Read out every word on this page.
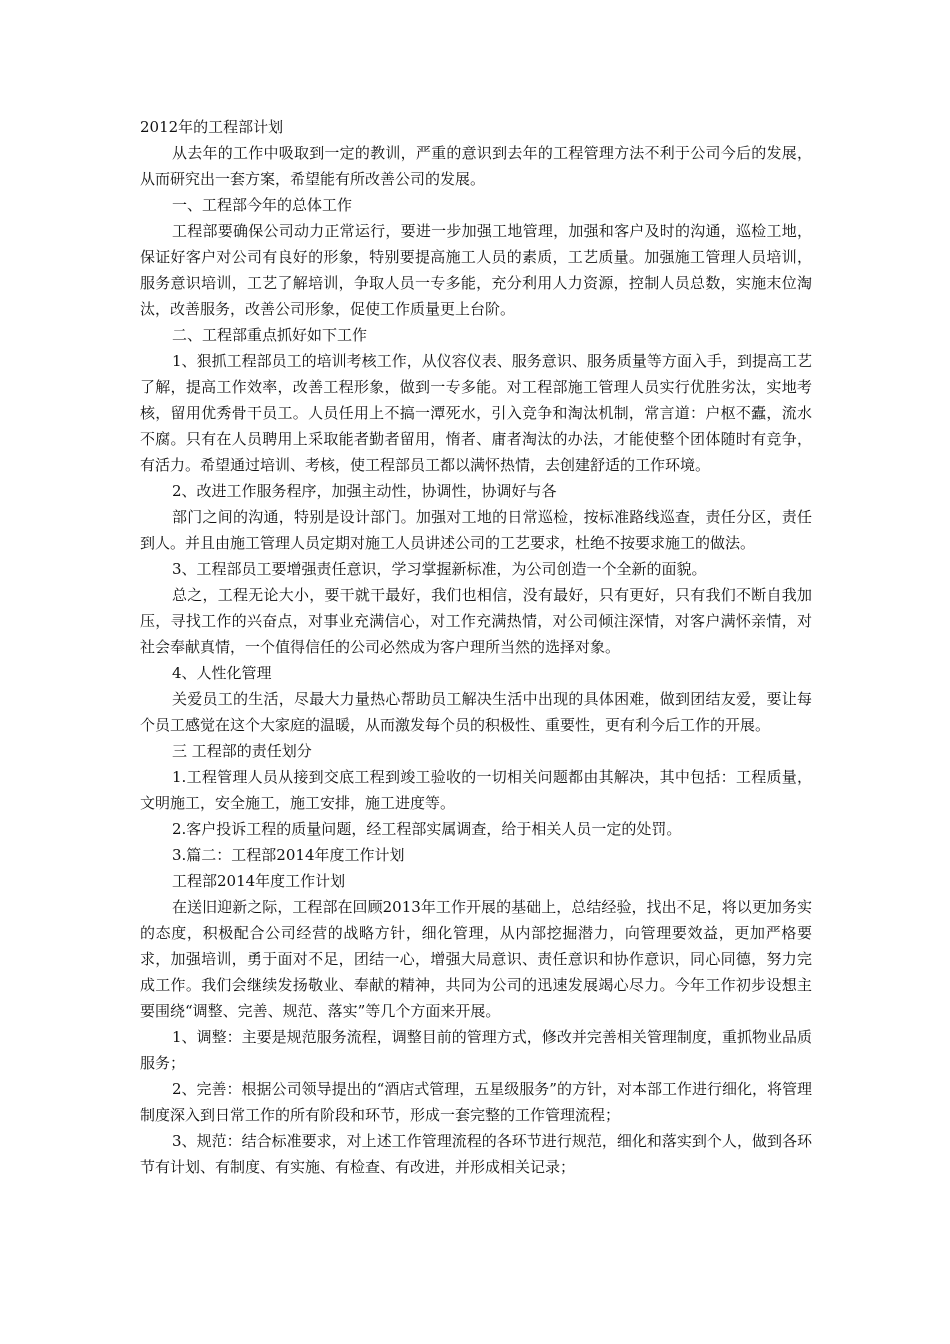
2012年的工程部计划

从去年的工作中吸取到一定的教训，严重的意识到去年的工程管理方法不利于公司今后的发展，从而研究出一套方案，希望能有所改善公司的发展。

一、工程部今年的总体工作

工程部要确保公司动力正常运行，要进一步加强工地管理，加强和客户及时的沟通，巡检工地，保证好客户对公司有良好的形象，特别要提高施工人员的素质，工艺质量。加强施工管理人员培训，服务意识培训，工艺了解培训，争取人员一专多能，充分利用人力资源，控制人员总数，实施末位淘汰，改善服务，改善公司形象，促使工作质量更上台阶。

二、工程部重点抓好如下工作

1、狠抓工程部员工的培训考核工作，从仪容仪表、服务意识、服务质量等方面入手，到提高工艺了解，提高工作效率，改善工程形象，做到一专多能。对工程部施工管理人员实行优胜劣汰，实地考核，留用优秀骨干员工。人员任用上不搞一潭死水，引入竞争和淘汰机制，常言道：户枢不蠹，流水不腐。只有在人员聘用上采取能者勤者留用，惰者、庸者淘汰的办法，才能使整个团体随时有竞争，有活力。希望通过培训、考核，使工程部员工都以满怀热情，去创建舒适的工作环境。

2、改进工作服务程序，加强主动性，协调性，协调好与各

部门之间的沟通，特别是设计部门。加强对工地的日常巡检，按标准路线巡查，责任分区，责任到人。并且由施工管理人员定期对施工人员讲述公司的工艺要求，杜绝不按要求施工的做法。

3、工程部员工要增强责任意识，学习掌握新标准，为公司创造一个全新的面貌。

总之，工程无论大小，要干就干最好，我们也相信，没有最好，只有更好，只有我们不断自我加压，寻找工作的兴奋点，对事业充满信心，对工作充满热情，对公司倾注深情，对客户满怀亲情，对社会奉献真情，一个值得信任的公司必然成为客户理所当然的选择对象。

4、人性化管理

关爱员工的生活，尽最大力量热心帮助员工解决生活中出现的具体困难，做到团结友爱，要让每个员工感觉在这个大家庭的温暖，从而激发每个员的积极性、重要性，更有利今后工作的开展。

三 工程部的责任划分

1.工程管理人员从接到交底工程到竣工验收的一切相关问题都由其解决，其中包括：工程质量，文明施工，安全施工，施工安排，施工进度等。

2.客户投诉工程的质量问题，经工程部实属调查，给于相关人员一定的处罚。

3.篇二：工程部2014年度工作计划

工程部2014年度工作计划

在送旧迎新之际，工程部在回顾2013年工作开展的基础上，总结经验，找出不足，将以更加务实的态度，积极配合公司经营的战略方针，细化管理，从内部挖掘潜力，向管理要效益，更加严格要求，加强培训，勇于面对不足，团结一心，增强大局意识、责任意识和协作意识，同心同德，努力完成工作。我们会继续发扬敬业、奉献的精神，共同为公司的迅速发展竭心尽力。今年工作初步设想主要围绕“调整、完善、规范、落实”等几个方面来开展。

1、调整：主要是规范服务流程，调整目前的管理方式，修改并完善相关管理制度，重抓物业品质服务；

2、完善：根据公司领导提出的“酒店式管理，五星级服务”的方针，对本部工作进行细化，将管理制度深入到日常工作的所有阶段和环节，形成一套完整的工作管理流程；

3、规范：结合标准要求，对上述工作管理流程的各环节进行规范，细化和落实到个人，做到各环节有计划、有制度、有实施、有检查、有改进，并形成相关记录；
